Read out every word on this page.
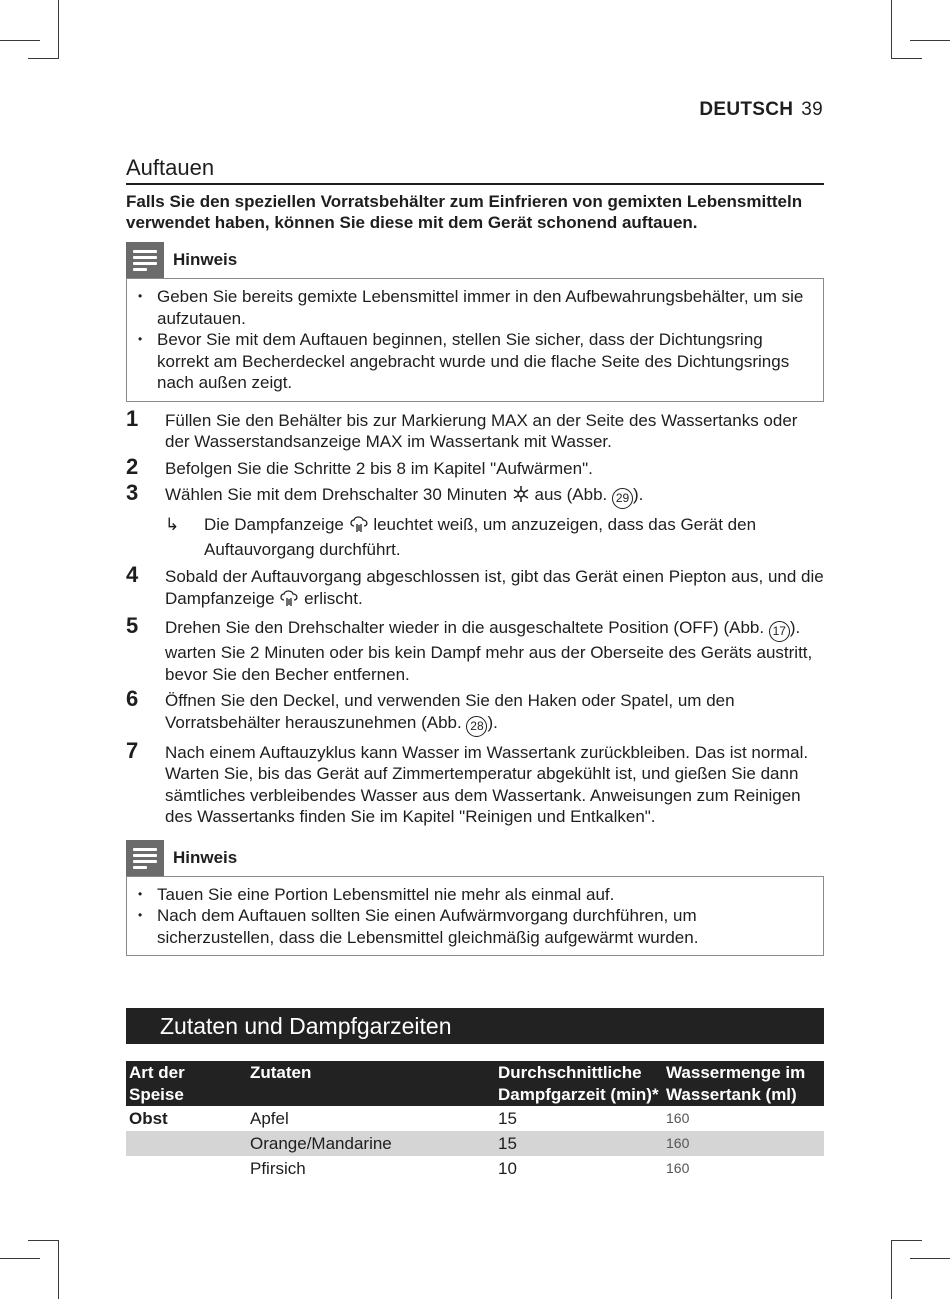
DEUTSCH 39
Auftauen
Falls Sie den speziellen Vorratsbehälter zum Einfrieren von gemixten Lebensmitteln verwendet haben, können Sie diese mit dem Gerät schonend auftauen.
Hinweis
• Geben Sie bereits gemixte Lebensmittel immer in den Aufbewahrungsbehälter, um sie aufzutauen.
• Bevor Sie mit dem Auftauen beginnen, stellen Sie sicher, dass der Dichtungsring korrekt am Becherdeckel angebracht wurde und die flache Seite des Dichtungsrings nach außen zeigt.
1 Füllen Sie den Behälter bis zur Markierung MAX an der Seite des Wassertanks oder der Wasserstandsanzeige MAX im Wassertank mit Wasser.
2 Befolgen Sie die Schritte 2 bis 8 im Kapitel "Aufwärmen".
3 Wählen Sie mit dem Drehschalter 30 Minuten aus (Abb. 29 ).
↳ Die Dampfanzeige leuchtet weiß, um anzuzeigen, dass das Gerät den Auftauvorgang durchführt.
4 Sobald der Auftauvorgang abgeschlossen ist, gibt das Gerät einen Piepton aus, und die Dampfanzeige erlischt.
5 Drehen Sie den Drehschalter wieder in die ausgeschaltete Position (OFF) (Abb. 17 ). warten Sie 2 Minuten oder bis kein Dampf mehr aus der Oberseite des Geräts austritt, bevor Sie den Becher entfernen.
6 Öffnen Sie den Deckel, und verwenden Sie den Haken oder Spatel, um den Vorratsbehälter herauszunehmen (Abb. 28 ).
7 Nach einem Auftauzyklus kann Wasser im Wassertank zurückbleiben. Das ist normal. Warten Sie, bis das Gerät auf Zimmertemperatur abgekühlt ist, und gießen Sie dann sämtliches verbleibendes Wasser aus dem Wassertank. Anweisungen zum Reinigen des Wassertanks finden Sie im Kapitel "Reinigen und Entkalken".
Hinweis
• Tauen Sie eine Portion Lebensmittel nie mehr als einmal auf.
• Nach dem Auftauen sollten Sie einen Aufwärmvorgang durchführen, um sicherzustellen, dass die Lebensmittel gleichmäßig aufgewärmt wurden.
Zutaten und Dampfgarzeiten
Art der Speise	Zutaten	Durchschnittliche Dampfgarzeit (min)*	Wassermenge im Wassertank (ml)
Obst	Apfel	15	160
	Orange/Mandarine	15	160
	Pfirsich	10	160
